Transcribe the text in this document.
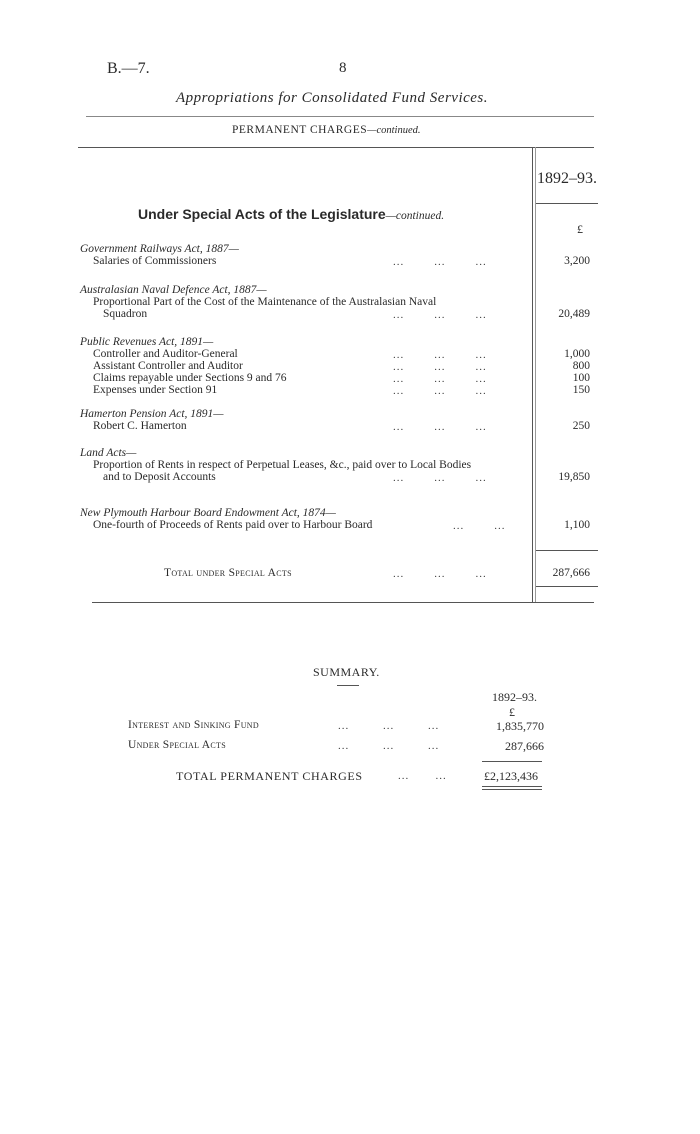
B.—7.	8
Appropriations for Consolidated Fund Services.
PERMANENT CHARGES—continued.
1892–93.
£
Under Special Acts of the Legislature—continued.
Government Railways Act, 1887—
Salaries of Commissioners	...        ...        ...	3,200
Australasian Naval Defence Act, 1887—
Proportional Part of the Cost of the Maintenance of the Australasian Naval
Squadron	...        ...        ...	20,489
Public Revenues Act, 1891—
Controller and Auditor-General	...        ...        ...	1,000
Assistant Controller and Auditor	...        ...        ...	800
Claims repayable under Sections 9 and 76	...        ...        ...	100
Expenses under Section 91	...        ...        ...	150
Hamerton Pension Act, 1891—
Robert C. Hamerton	...        ...        ...	250
Land Acts—
Proportion of Rents in respect of Perpetual Leases, &c., paid over to Local Bodies
and to Deposit Accounts	...        ...        ...	19,850
New Plymouth Harbour Board Endowment Act, 1874—
One-fourth of Proceeds of Rents paid over to Harbour Board	...        ...	1,100
Total under Special Acts	...	...	...	287,666
SUMMARY.
1892–93.
£
Interest and Sinking Fund	...         ...         ...	1,835,770
Under Special Acts	...         ...         ...	287,666
TOTAL PERMANENT CHARGES	...       ...	£2,123,436
